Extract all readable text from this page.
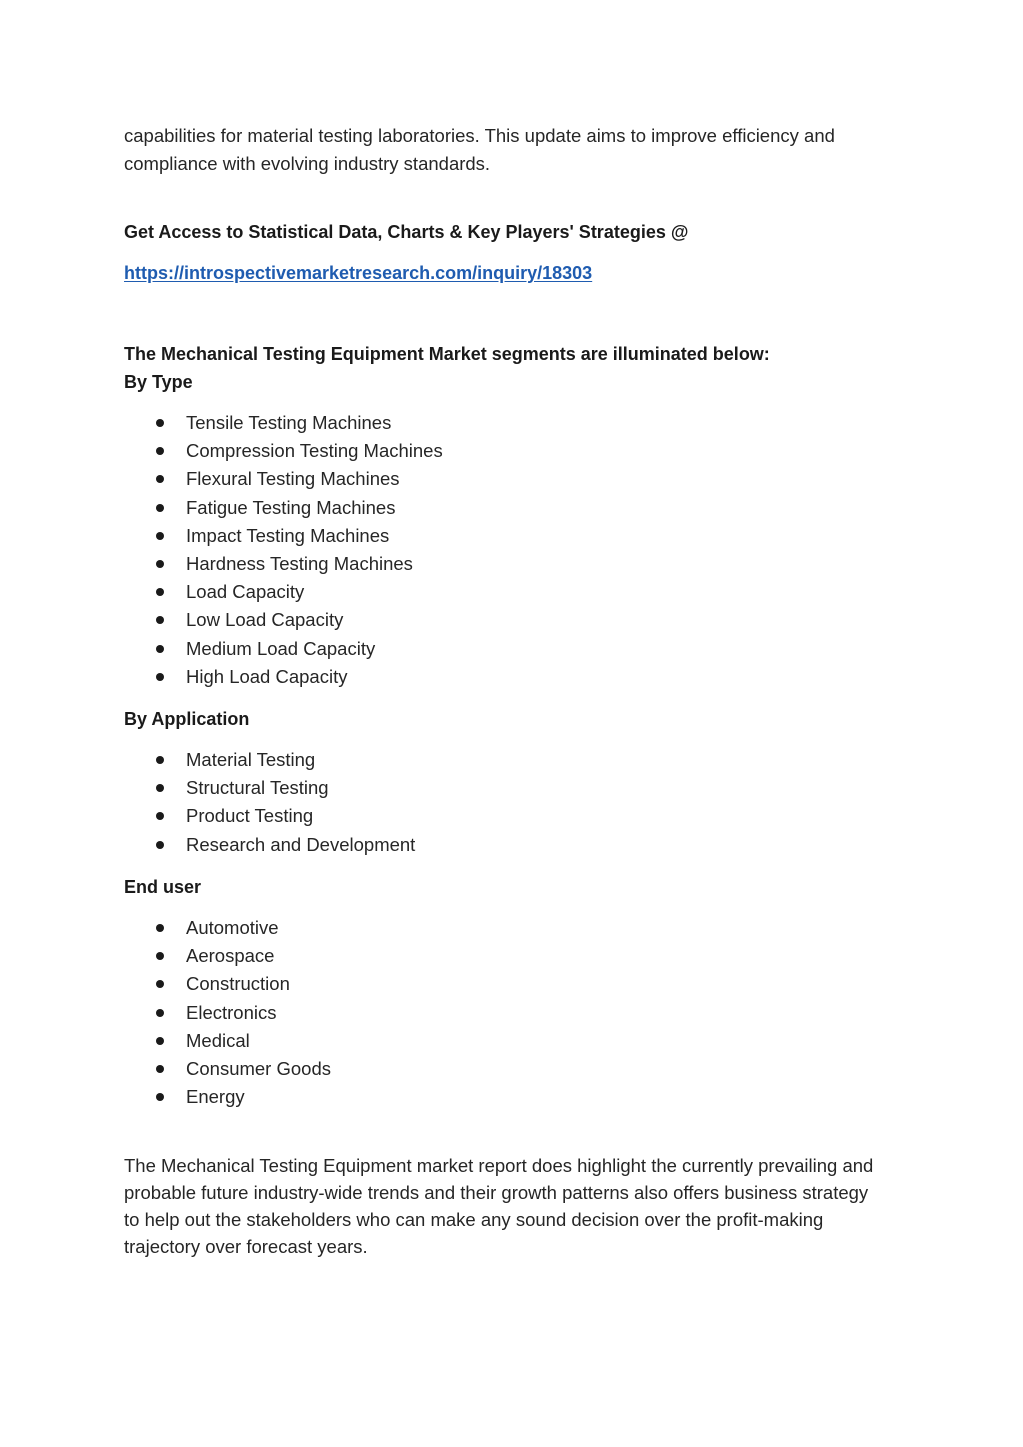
capabilities for material testing laboratories. This update aims to improve efficiency and
compliance with evolving industry standards.
Get Access to Statistical Data, Charts & Key Players' Strategies @
https://introspectivemarketresearch.com/inquiry/18303
The Mechanical Testing Equipment Market segments are illuminated below:
By Type
Tensile Testing Machines
Compression Testing Machines
Flexural Testing Machines
Fatigue Testing Machines
Impact Testing Machines
Hardness Testing Machines
Load Capacity
Low Load Capacity
Medium Load Capacity
High Load Capacity
By Application
Material Testing
Structural Testing
Product Testing
Research and Development
End user
Automotive
Aerospace
Construction
Electronics
Medical
Consumer Goods
Energy
The Mechanical Testing Equipment market report does highlight the currently prevailing and
probable future industry-wide trends and their growth patterns also offers business strategy
to help out the stakeholders who can make any sound decision over the profit-making
trajectory over forecast years.
